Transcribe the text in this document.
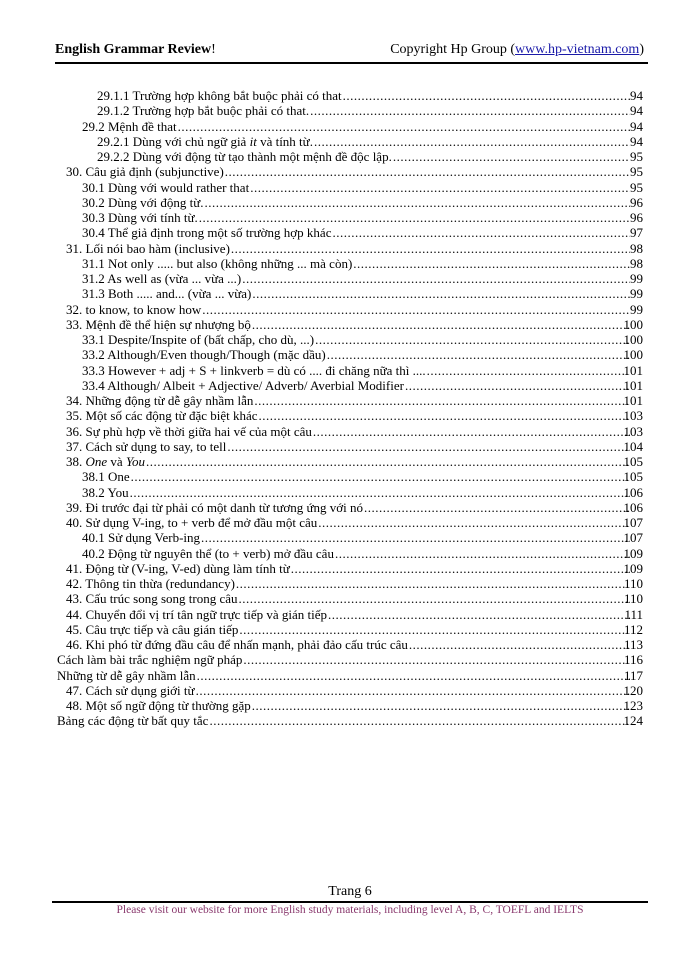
English Grammar Review!	Copyright Hp Group (www.hp-vietnam.com)
29.1.1 Trường hợp không bắt buộc phải có that .....	94
29.1.2 Trường hợp bắt buộc phải có that. .....	94
29.2 Mệnh đề that .....	94
29.2.1 Dùng với chủ ngữ giả it và tính từ. .....	94
29.2.2 Dùng với động từ tạo thành một mệnh đề độc lập. .....	95
30. Câu giả định (subjunctive) .....	95
30.1 Dùng với would rather that .....	95
30.2 Dùng với động từ. .....	96
30.3 Dùng với tính từ. .....	96
30.4 Thể giả định trong một số trường hợp khác .....	97
31. Lối nói bao hàm (inclusive) .....	98
31.1 Not only ..... but also (không những ... mà còn) .....	98
31.2 As well as (vừa ... vừa ...) .....	99
31.3 Both ..... and... (vừa ... vừa) .....	99
32. to know, to know how .....	99
33. Mệnh đề thể hiện sự nhượng bộ .....	100
33.1 Despite/Inspite of (bất chấp, cho dù, ...) .....	100
33.2 Although/Even though/Though (mặc dầu) .....	100
33.3 However + adj + S + linkverb = dù có .... đi chăng nữa thì .... .....	101
33.4 Although/ Albeit + Adjective/ Adverb/ Averbial Modifier .....	101
34. Những động từ dễ gây nhầm lẫn .....	101
35. Một số các động từ đặc biệt khác .....	103
36. Sự phù hợp về thời giữa hai vế của một câu .....	103
37. Cách sử dụng to say, to tell .....	104
38. One và You .....	105
38.1 One .....	105
38.2 You .....	106
39. Đi trước đại từ phải có một danh từ tương ứng với nó .....	106
40. Sử dụng V-ing, to + verb để mở đầu một câu .....	107
40.1 Sử dụng Verb-ing .....	107
40.2 Động từ nguyên thể (to + verb) mở đầu câu .....	109
41. Động từ (V-ing, V-ed) dùng làm tính từ .....	109
42. Thông tin thừa (redundancy) .....	110
43. Cấu trúc song song trong câu .....	110
44. Chuyển đổi vị trí tân ngữ trực tiếp và gián tiếp .....	111
45. Câu trực tiếp và câu gián tiếp .....	112
46. Khi phó từ đứng đầu câu để nhấn mạnh, phải đảo cấu trúc câu .....	113
Cách làm bài trắc nghiệm ngữ pháp .....	116
Những từ dễ gây nhầm lẫn .....	117
47. Cách sử dụng giới từ .....	120
48. Một số ngữ động từ thường gặp .....	123
Bảng các động từ bất quy tắc .....	124
Trang 6
Please visit our website for more English study materials, including level A, B, C, TOEFL and IELTS
